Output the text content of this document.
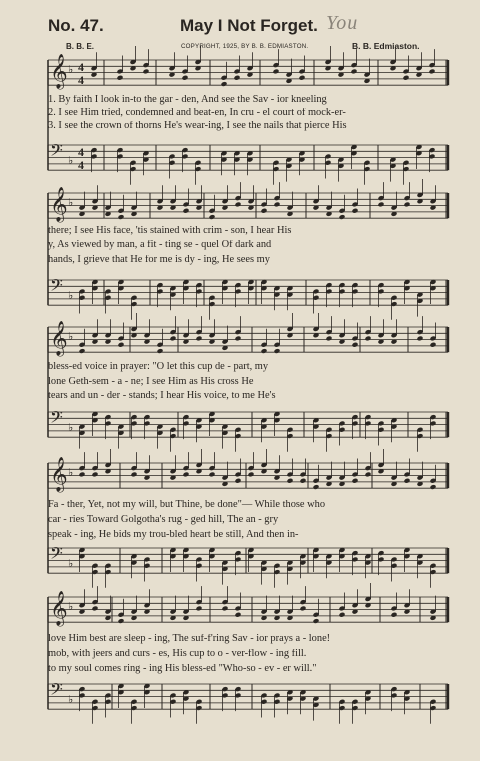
No. 47.	May I Not Forget. You
B. B. E.	COPYRIGHT, 1925, BY B. B. EDMIASTON.	B. B. Edmiaston.
𝄞 ♭ 4
4
𝄢 ♭
4
4
𝄞 ♭
𝄢 ♭
𝄞 ♭
𝄢 ♭
𝄞 ♭
𝄢 ♭
𝄞 ♭
𝄢 ♭
1. By faith I look in-to the gar - den, And see the Sav - ior kneeling
2. I see Him tried, condemned and beat-en, In cru - el court of mock-er-
3. I see the crown of thorns He's wear-ing, I see the nails that pierce His
there; I see His face, 'tis stained with crim - son, I hear His
y, As viewed by man, a fit - ting se - quel Of dark and
hands, I grieve that He for me is dy - ing, He sees my
bless-ed voice in prayer: "O let this cup de - part, my
lone Geth-sem - a - ne; I see Him as His cross He
tears and un - der - stands; I hear His voice, to me He's
Fa - ther, Yet, not my will, but Thine, be done"— While those who
car - ries Toward Golgotha's rug - ged hill, The an - gry
speak - ing, He bids my trou-bled heart be still, And then in-
love Him best are sleep - ing, The suf-f'ring Sav - ior prays a - lone!
mob, with jeers and curs - es, His cup to o - ver-flow - ing fill.
to my soul comes ring - ing His bless-ed "Who-so - ev - er will."
